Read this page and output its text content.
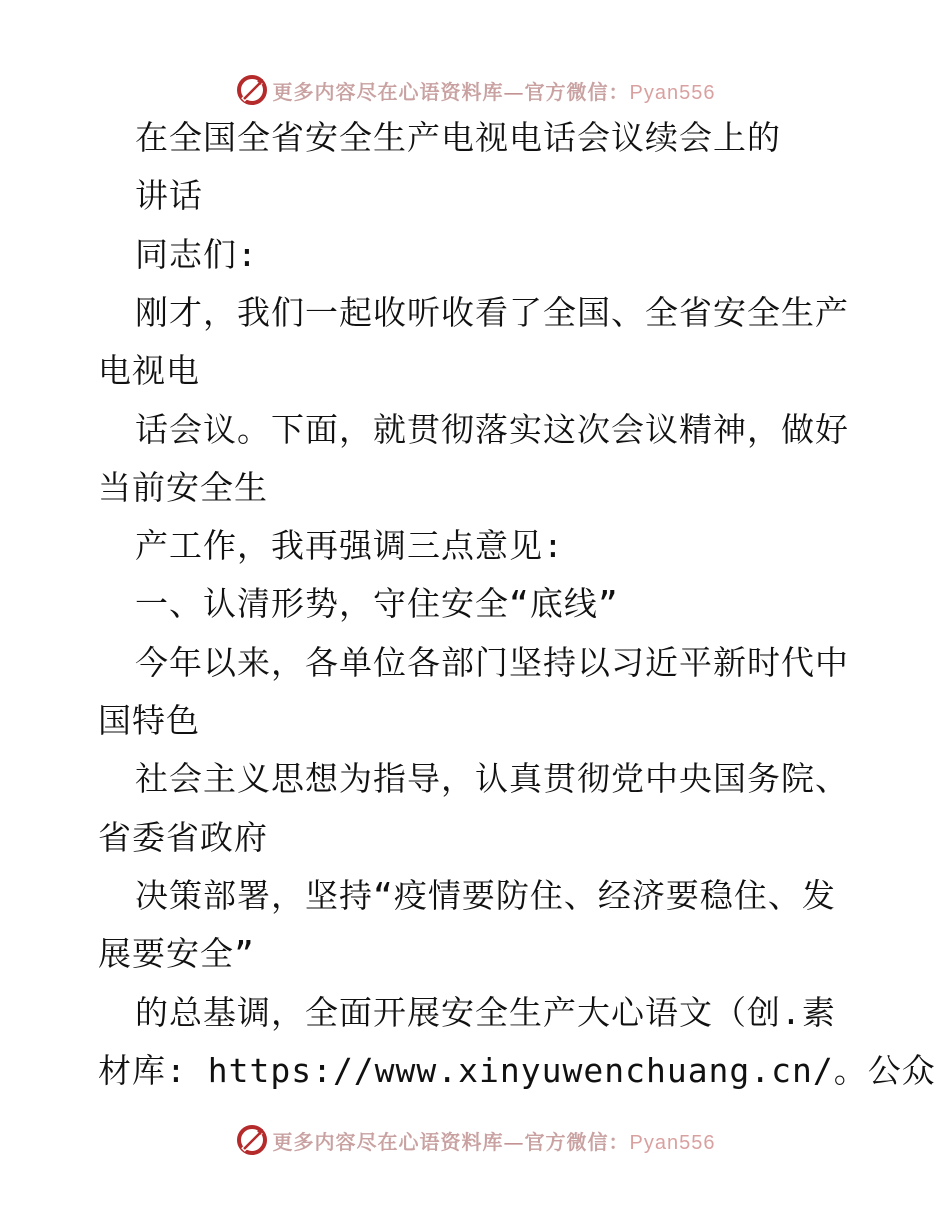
更多内容尽在心语资料库—官方微信：Pyan556
在全国全省安全生产电视电话会议续会上的
讲话
同志们:
刚才，我们一起收听收看了全国、全省安全生产
电视电
话会议。下面，就贯彻落实这次会议精神，做好
当前安全生
产工作，我再强调三点意见:
一、认清形势，守住安全“底线”
今年以来，各单位各部门坚持以习近平新时代中
国特色
社会主义思想为指导，认真贯彻党中央国务院、
省委省政府
决策部署，坚持“疫情要防住、经济要稳住、发
展要安全”
的总基调，全面开展安全生产大心语文（创.素
材库: https://www.xinyuwenchuang.cn/。公众
更多内容尽在心语资料库—官方微信：Pyan556
